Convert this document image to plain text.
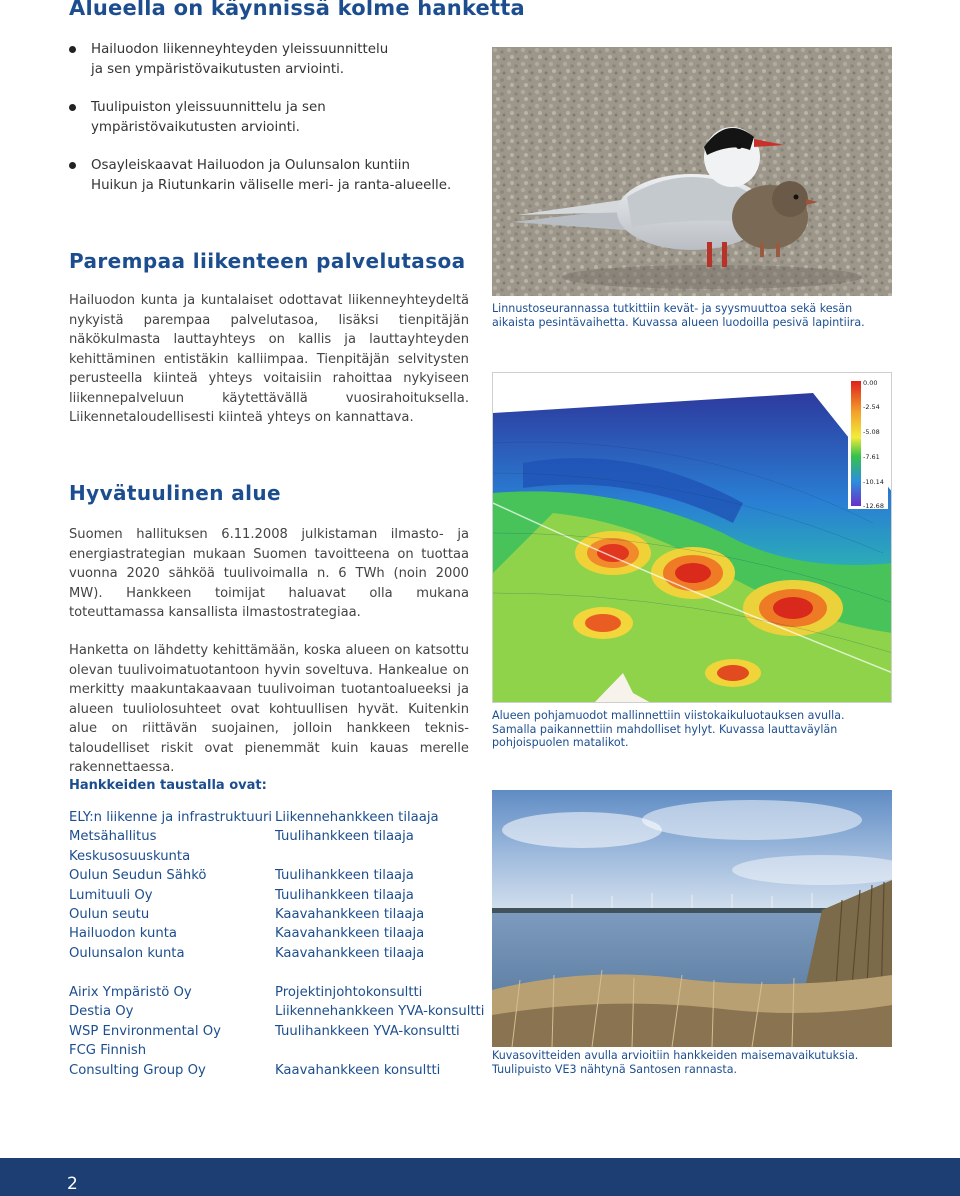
Alueella on käynnissä kolme hanketta
Hailuodon liikenneyhteyden yleissuunnittelu
ja sen ympäristövaikutusten arviointi.
Tuulipuiston yleissuunnittelu ja sen
ympäristövaikutusten arviointi.
Osayleiskaavat Hailuodon ja Oulunsalon kuntiin
Huikun ja Riutunkarin väliselle meri- ja ranta-alueelle.
Parempaa liikenteen palvelutasoa

Hailuodon kunta ja kuntalaiset odottavat liikenneyhteydeltä nykyistä parempaa palvelutasoa, lisäksi tienpitäjän näkökulmasta lauttayhteys on kallis ja lauttayhteyden kehittäminen entistäkin kalliimpaa. Tienpitäjän selvitysten perusteella kiinteä yhteys voitaisiin rahoittaa nykyiseen liikennepalveluun käytettävällä vuosirahoituksella. Liikennetaloudellisesti kiinteä yhteys on kannattava.

Hyvätuulinen alue

Suomen hallituksen 6.11.2008 julkistaman ilmasto- ja energiastrategian mukaan Suomen tavoitteena on tuottaa vuonna 2020 sähköä tuulivoimalla n. 6 TWh (noin 2000 MW). Hankkeen toimijat haluavat olla mukana toteuttamassa kansallista ilmastostrategiaa.

Hanketta on lähdetty kehittämään, koska alueen on katsottu olevan tuulivoimatuotantoon hyvin soveltuva. Hankealue on merkitty maakuntakaavaan tuulivoiman tuotantoalueeksi ja alueen tuuliolosuhteet ovat kohtuullisen hyvät. Kuitenkin alue on riittävän suojainen, jolloin hankkeen teknis-taloudelliset riskit ovat pienemmät kuin kauas merelle rakennettaessa.

Hankkeiden taustalla ovat:
ELY:n liikenne ja infrastruktuuri
Metsähallitus
Keskusosuuskunta
Oulun Seudun Sähkö
Lumituuli Oy
Oulun seutu
Hailuodon kunta
Oulunsalon kunta
Liikennehankkeen tilaaja
Tuulihankkeen tilaaja
Tuulihankkeen tilaaja
Tuulihankkeen tilaaja
Kaavahankkeen tilaaja
Kaavahankkeen tilaaja
Kaavahankkeen tilaaja
Airix Ympäristö Oy
Destia Oy
WSP Environmental Oy
FCG Finnish
Consulting Group Oy
Projektinjohtokonsultti
Liikennehankkeen YVA-konsultti
Tuulihankkeen YVA-konsultti
Kaavahankkeen konsultti
Linnustoseurannassa tutkittiin kevät- ja syysmuuttoa sekä kesän aikaista pesintävaihetta. Kuvassa alueen luodoilla pesivä lapintiira.
0.00
-2.54
-5.08
-7.61
-10.14
-12.68
Alueen pohjamuodot mallinnettiin viistokaikuluotauksen avulla. Samalla paikannettiin mahdolliset hylyt. Kuvassa lauttaväylän pohjoispuolen matalikot.
Kuvasovitteiden avulla arvioitiin hankkeiden maisemavaikutuksia. Tuulipuisto VE3 nähtynä Santosen rannasta.
2
